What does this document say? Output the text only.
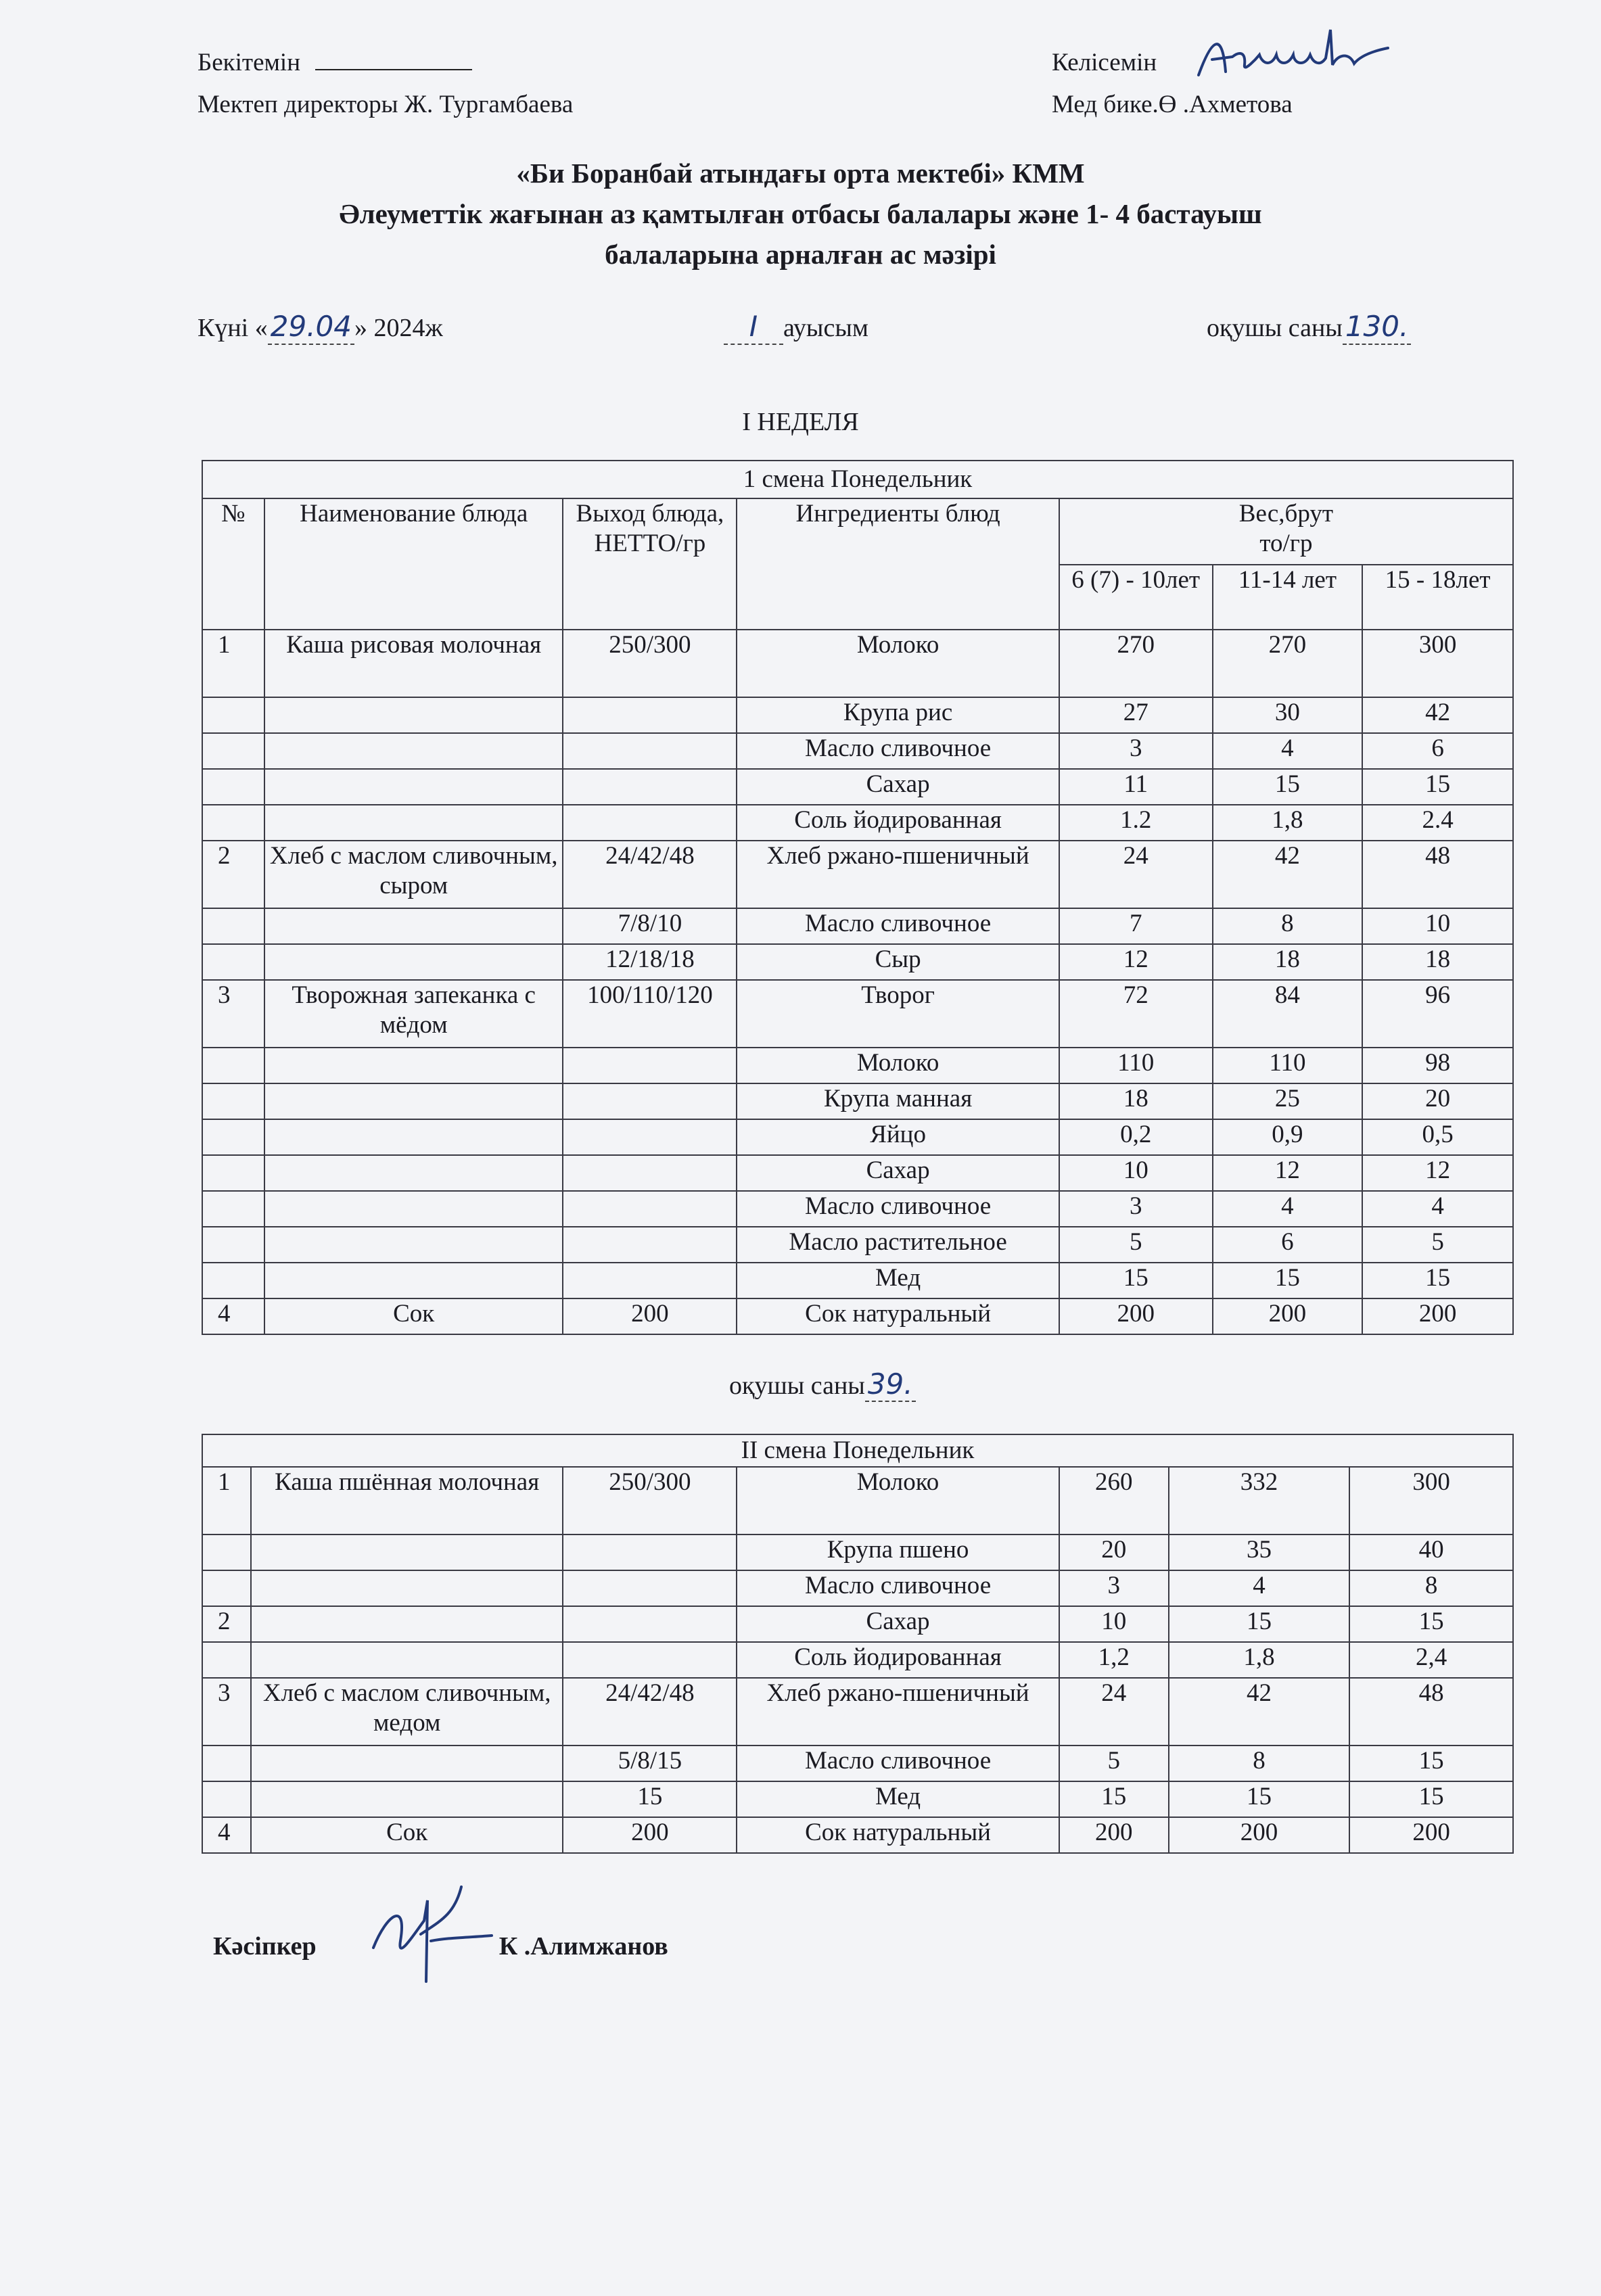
Бекітемін
Мектеп директоры Ж. Тургамбаева
Келісемін
Мед бике.Ө .Ахметова
«Би Боранбай атындағы орта мектебі» КММ
Әлеуметтік жағынан аз қамтылған отбасы балалары және 1- 4 бастауыш
балаларына арналған ас мәзірі
Күні «29.04 » 2024ж	I ауысым	оқушы саны130.
I НЕДЕЛЯ
1 смена Понедельник						
№	Наименование блюда	Выход блюда, НЕТТО/гр	Ингредиенты блюд	Вес,брут то/гр		

				6 (7) - 10лет	11-14 лет	15 - 18лет
1	Каша рисовая молочная	250/300	Молоко	270	270	300
			Крупа рис	27	30	42
			Масло сливочное	3	4	6
			Сахар	11	15	15
			Соль йодированная	1.2	1,8	2.4
2	Хлеб с маслом сливочным, сыром	24/42/48	Хлеб ржано-пшеничный	24	42	48
		7/8/10	Масло сливочное	7	8	10
		12/18/18	Сыр	12	18	18
3	Творожная запеканка с мёдом	100/110/120	Творог	72	84	96
			Молоко	110	110	98
			Крупа манная	18	25	20
			Яйцо	0,2	0,9	0,5
			Сахар	10	12	12
			Масло сливочное	3	4	4
			Масло растительное	5	6	5
			Мед	15	15	15
4	Сок	200	Сок натуральный	200	200	200
оқушы саны39.
II смена Понедельник						
1	Каша пшённая молочная	250/300	Молоко	260	332	300
			Крупа пшено	20	35	40
			Масло сливочное	3	4	8
2			Сахар	10	15	15
			Соль йодированная	1,2	1,8	2,4
3	Хлеб с маслом сливочным, медом	24/42/48	Хлеб ржано-пшеничный	24	42	48
		5/8/15	Масло сливочное	5	8	15
		15	Мед	15	15	15
4	Сок	200	Сок натуральный	200	200	200
Кәсіпкер	К .Алимжанов
